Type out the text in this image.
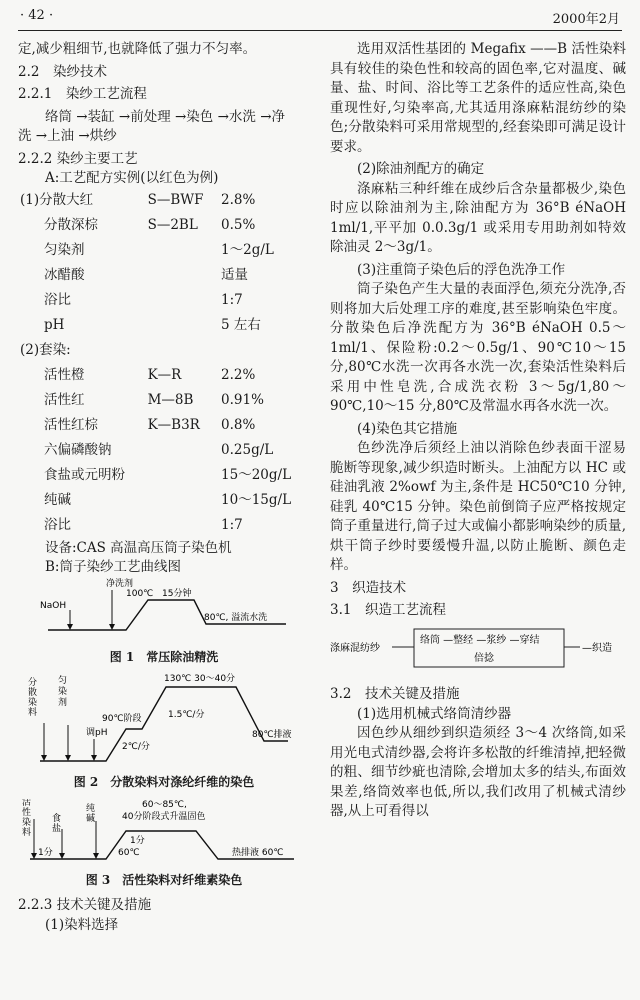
· 42 ·	2000年2月

定,减少粗细节,也就降低了强力不匀率。

2.2　染纱技术

2.2.1　染纱工艺流程

络筒 →装缸 →前处理 →染色 →水洗 →净

洗 →上油 →烘纱

2.2.2 染纱主要工艺

A:工艺配方实例(以红色为例)

(1)分散大红	S—BWF	2.8%
分散深棕	S—2BL	0.5%
匀染剂		1～2g/L
冰醋酸		适量
浴比		1:7
pH		5 左右
(2)套染:		
活性橙	K—R	2.2%
活性红	M—8B	0.91%
活性红棕	K—B3R	0.8%
六偏磷酸钠		0.25g/L
食盐或元明粉		15～20g/L
纯碱		10～15g/L
浴比		1:7

设备:CAS 高温高压筒子染色机

B:筒子染纱工艺曲线图

NaOH
净洗剂
100℃ 15分钟
80℃, 溢流水洗
图 1　常压除油精洗
分散染料
匀染剂
调pH
90℃阶段
130℃ 30～40分
1.5℃/分
2℃/分
80℃排液
图 2　分散染料对涤纶纤维的染色
活性染料
食盐
纯碱
60～85℃,
40分阶段式升温固色
1分
1分
60℃	热排液 60℃
图 3　活性染料对纤维素染色

2.2.3 技术关键及措施

(1)染料选择

选用双活性基团的 Megafix ——B 活性染料具有较佳的染色性和较高的固色率,它对温度、碱量、盐、时间、浴比等工艺条件的适应性高,染色重现性好,匀染率高,尤其适用涤麻粘混纺纱的染色;分散染料可采用常规型的,经套染即可满足设计要求。

(2)除油剂配方的确定

涤麻粘三种纤维在成纱后含杂量都极少,染色时应以除油剂为主,除油配方为 36°B éNaOH 1ml/1,平平加 0.0.3g/1 或采用专用助剂如特效除油灵 2～3g/1。

(3)注重筒子染色后的浮色洗净工作

筒子染色产生大量的表面浮色,须充分洗净,否则将加大后处理工序的难度,甚至影响染色牢度。分散染色后净洗配方为 36°B éNaOH 0.5～1ml/1、保险粉:0.2～0.5g/1、90℃10～15 分,80℃水洗一次再各水洗一次,套染活性染料后采用中性皂洗,合成洗衣粉 3～5g/1,80～90℃,10～15 分,80℃及常温水再各水洗一次。

(4)染色其它措施

色纱洗净后须经上油以消除色纱表面干涩易脆断等现象,减少织造时断头。上油配方以 HC 或硅油乳液 2%owf 为主,条件是 HC50℃10 分钟,硅乳 40℃15 分钟。染色前倒筒子应严格按规定筒子重量进行,筒子过大或偏小都影响染纱的质量,烘干筒子纱时要缓慢升温,以防止脆断、颜色走样。

3　织造技术

3.1　织造工艺流程

涤麻混纺纱
络筒 —整经 —浆纱 —穿结
倍捻
—织造

3.2　技术关键及措施

(1)选用机械式络筒清纱器

因色纱从细纱到织造须经 3～4 次络筒,如采用光电式清纱器,会将许多松散的纤维清掉,把轻微的粗、细节纱疵也清除,会增加太多的结头,布面效果差,络筒效率也低,所以,我们改用了机械式清纱器,从上可看得以
